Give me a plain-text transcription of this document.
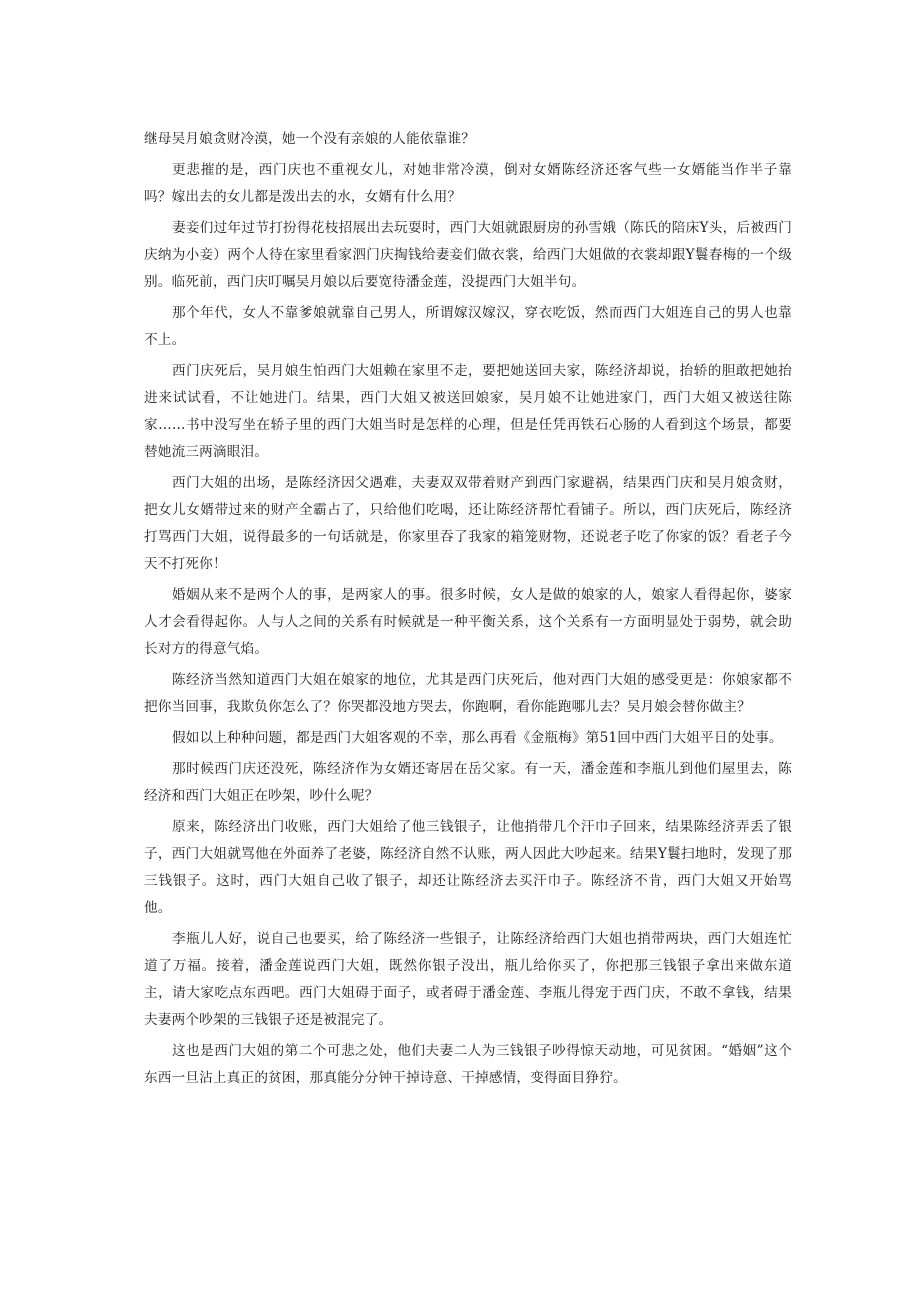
继母吴月娘贪财冷漠，她一个没有亲娘的人能依靠谁？

更悲摧的是，西门庆也不重视女儿，对她非常冷漠，倒对女婿陈经济还客气些一女婿能当作半子靠吗？嫁出去的女儿都是泼出去的水，女婿有什么用？

妻妾们过年过节打扮得花枝招展出去玩耍时，西门大姐就跟厨房的孙雪娥（陈氏的陪床Y头，后被西门庆纳为小妾）两个人待在家里看家泗门庆掏钱给妻妾们做衣裳，给西门大姐做的衣裳却跟Y鬟春梅的一个级别。临死前，西门庆叮嘱吴月娘以后要宽待潘金莲，没提西门大姐半句。

那个年代，女人不靠爹娘就靠自己男人，所谓嫁汉嫁汉，穿衣吃饭，然而西门大姐连自己的男人也靠不上。

西门庆死后，吴月娘生怕西门大姐赖在家里不走，要把她送回夫家，陈经济却说，抬轿的胆敢把她抬进来试试看，不让她进门。结果，西门大姐又被送回娘家，吴月娘不让她进家门，西门大姐又被送往陈家……书中没写坐在轿子里的西门大姐当时是怎样的心理，但是任凭再铁石心肠的人看到这个场景，都要替她流三两滴眼泪。

西门大姐的出场，是陈经济因父遇难，夫妻双双带着财产到西门家避祸，结果西门庆和吴月娘贪财，把女儿女婿带过来的财产全霸占了，只给他们吃喝，还让陈经济帮忙看铺子。所以，西门庆死后，陈经济打骂西门大姐，说得最多的一句话就是，你家里吞了我家的箱笼财物，还说老子吃了你家的饭？看老子今天不打死你！

婚姻从来不是两个人的事，是两家人的事。很多时候，女人是做的娘家的人，娘家人看得起你，婆家人才会看得起你。人与人之间的关系有时候就是一种平衡关系，这个关系有一方面明显处于弱势，就会助长对方的得意气焰。

陈经济当然知道西门大姐在娘家的地位，尤其是西门庆死后，他对西门大姐的感受更是：你娘家都不把你当回事，我欺负你怎么了？你哭都没地方哭去，你跑啊，看你能跑哪儿去？吴月娘会替你做主？

假如以上种种问题，都是西门大姐客观的不幸，那么再看《金瓶梅》第51回中西门大姐平日的处事。

那时候西门庆还没死，陈经济作为女婿还寄居在岳父家。有一天，潘金莲和李瓶儿到他们屋里去，陈经济和西门大姐正在吵架，吵什么呢？

原来，陈经济出门收账，西门大姐给了他三钱银子，让他捎带几个汗巾子回来，结果陈经济弄丢了银子，西门大姐就骂他在外面养了老婆，陈经济自然不认账，两人因此大吵起来。结果Y鬟扫地时，发现了那三钱银子。这时，西门大姐自己收了银子，却还让陈经济去买汗巾子。陈经济不肯，西门大姐又开始骂他。

李瓶儿人好，说自己也要买，给了陈经济一些银子，让陈经济给西门大姐也捎带两块，西门大姐连忙道了万福。接着，潘金莲说西门大姐，既然你银子没出，瓶儿给你买了，你把那三钱银子拿出来做东道主，请大家吃点东西吧。西门大姐碍于面子，或者碍于潘金莲、李瓶儿得宠于西门庆，不敢不拿钱，结果夫妻两个吵架的三钱银子还是被混完了。

这也是西门大姐的第二个可悲之处，他们夫妻二人为三钱银子吵得惊天动地，可见贫困。“婚姻”这个东西一旦沾上真正的贫困，那真能分分钟干掉诗意、干掉感情，变得面目狰狞。
